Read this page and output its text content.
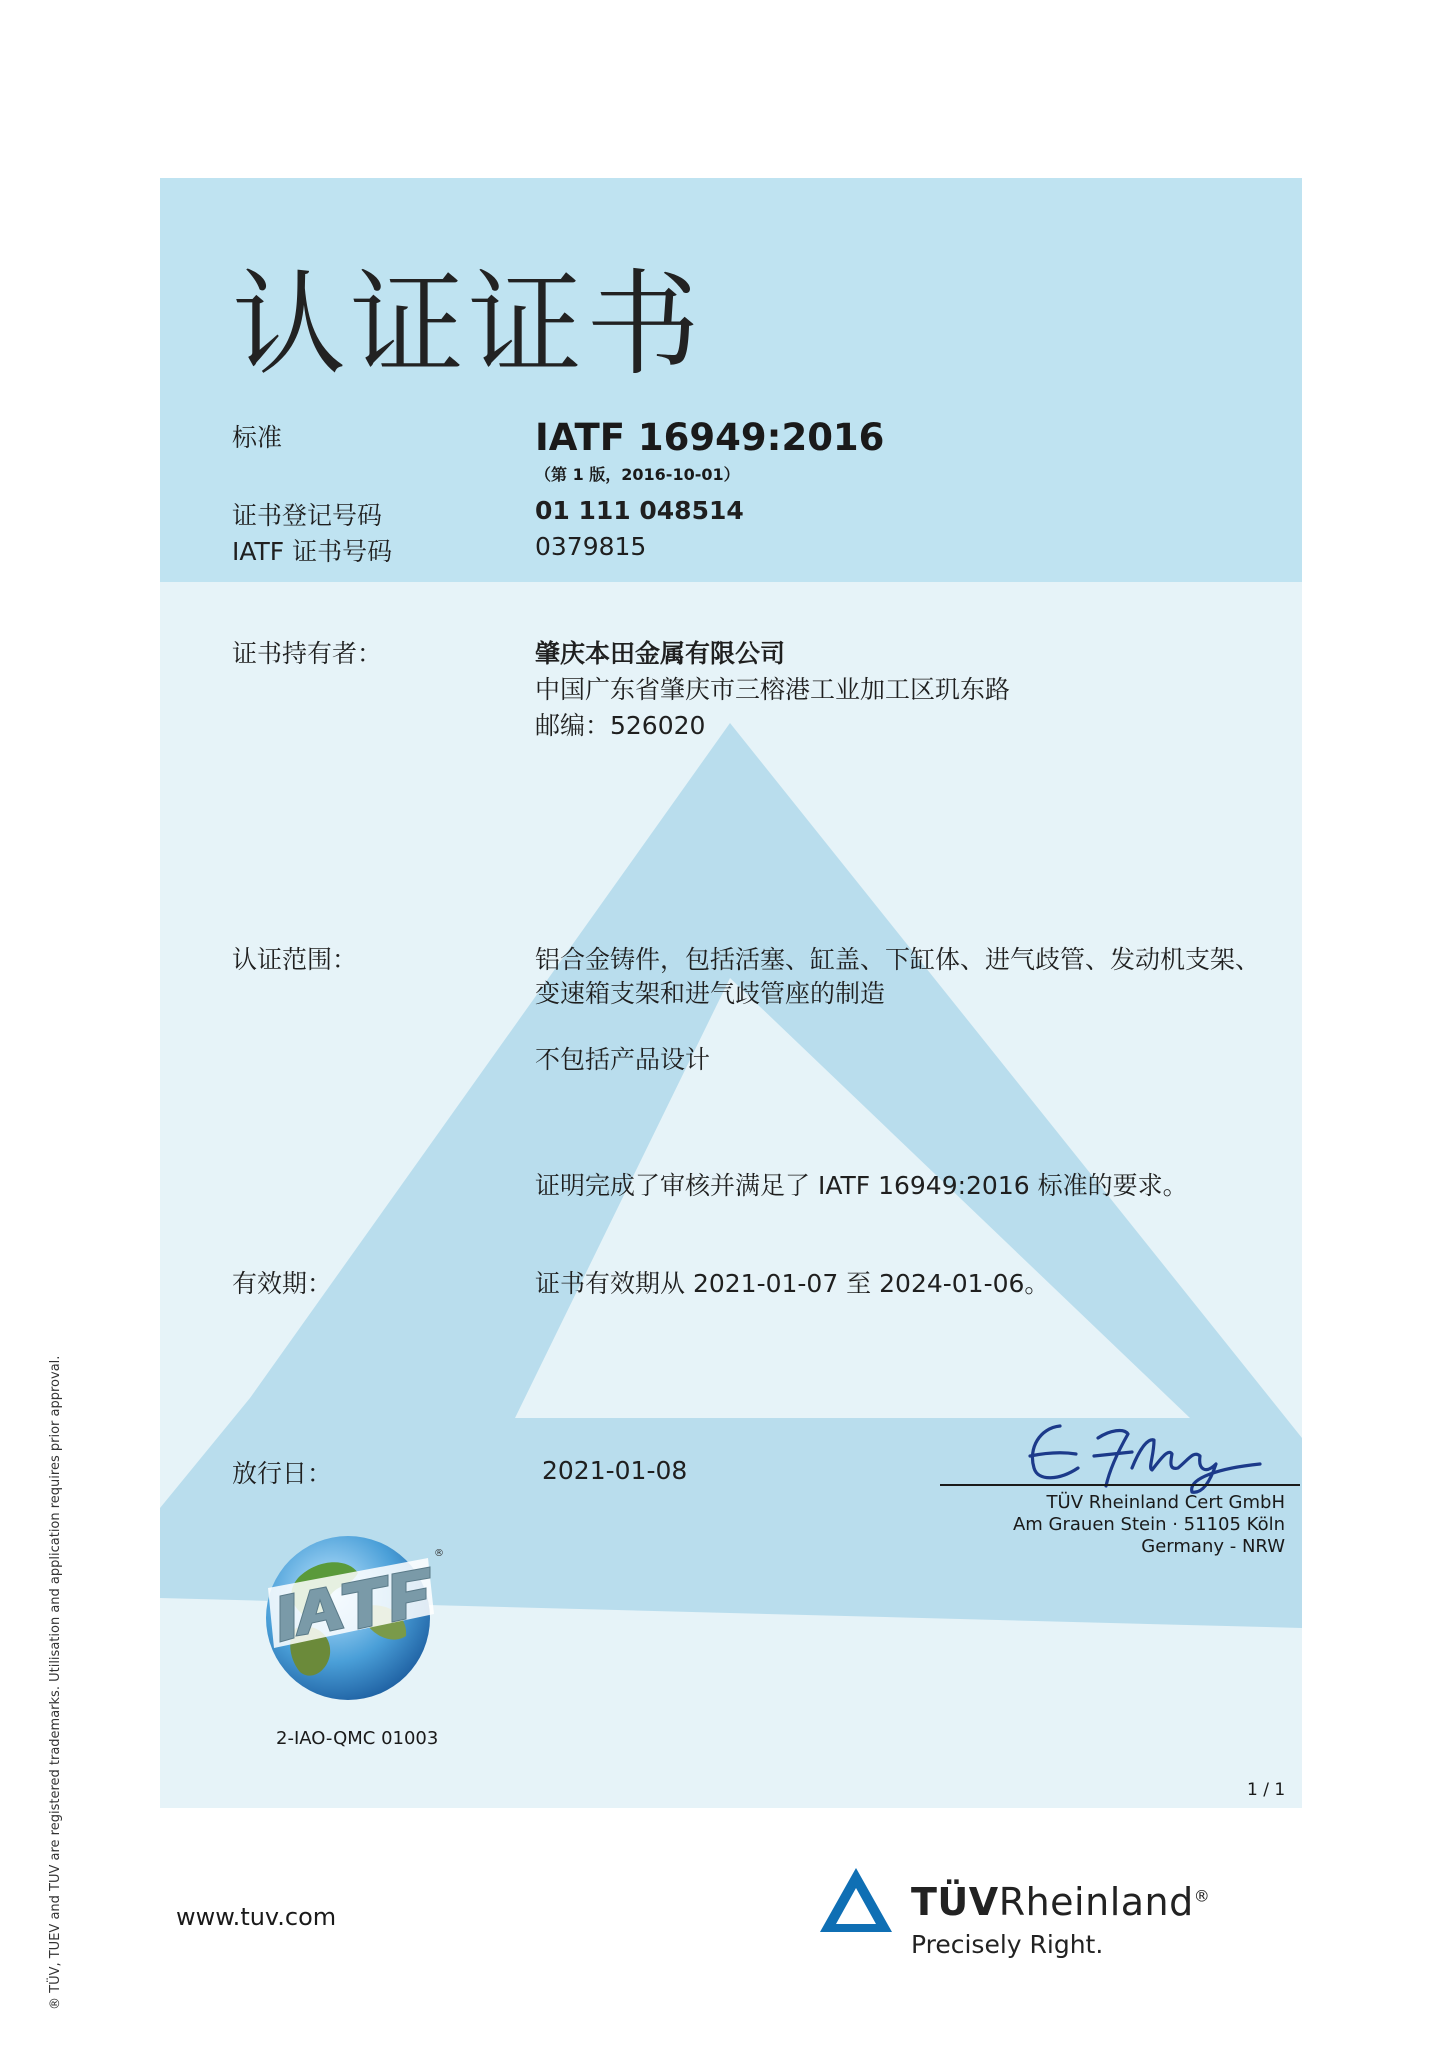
认证证书
标准	IATF 16949:2016
（第 1 版，2016-10-01）
证书登记号码	01 111 048514
IATF 证书号码	0379815
证书持有者：	肇庆本田金属有限公司
中国广东省肇庆市三榕港工业加工区玑东路
邮编：526020
认证范围：	铝合金铸件，包括活塞、缸盖、下缸体、进气歧管、发动机支架、
变速箱支架和进气歧管座的制造
不包括产品设计
证明完成了审核并满足了 IATF 16949:2016 标准的要求。
有效期：	证书有效期从 2021-01-07 至 2024-01-06。
放行日：	2021-01-08
TÜV Rheinland Cert GmbH
Am Grauen Stein · 51105 Köln
Germany - NRW
®
2-IAO-QMC 01003
1 / 1
www.tuv.com	TÜVRheinland®
Precisely Right.
® TÜV, TUEV and TUV are registered trademarks. Utilisation and application requires prior approval.
